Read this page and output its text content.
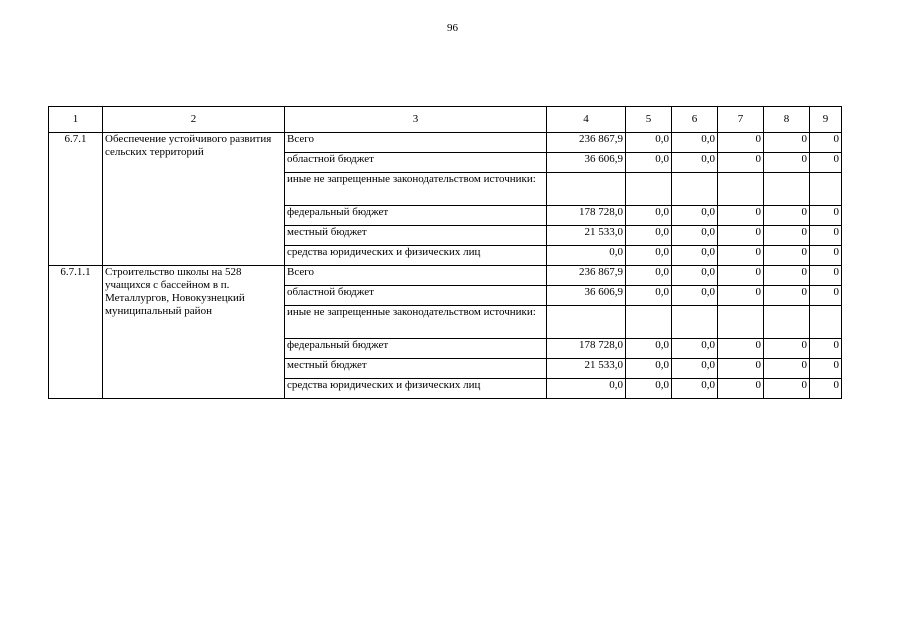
96
1	2	3	4	5	6	7	8	9
6.7.1	Обеспечение устойчивого развития сельских территорий	Всего	236 867,9	0,0	0,0	0	0	0
		областной бюджет	36 606,9	0,0	0,0	0	0	0
		иные не запрещенные законодательством источники:						
		федеральный бюджет	178 728,0	0,0	0,0	0	0	0
		местный бюджет	21 533,0	0,0	0,0	0	0	0
		средства юридических и физических лиц	0,0	0,0	0,0	0	0	0
6.7.1.1	Строительство школы на 528 учащихся с бассейном в п. Металлургов, Новокузнецкий муниципальный район	Всего	236 867,9	0,0	0,0	0	0	0
		областной бюджет	36 606,9	0,0	0,0	0	0	0
		иные не запрещенные законодательством источники:						
		федеральный бюджет	178 728,0	0,0	0,0	0	0	0
		местный бюджет	21 533,0	0,0	0,0	0	0	0
		средства юридических и физических лиц	0,0	0,0	0,0	0	0	0
